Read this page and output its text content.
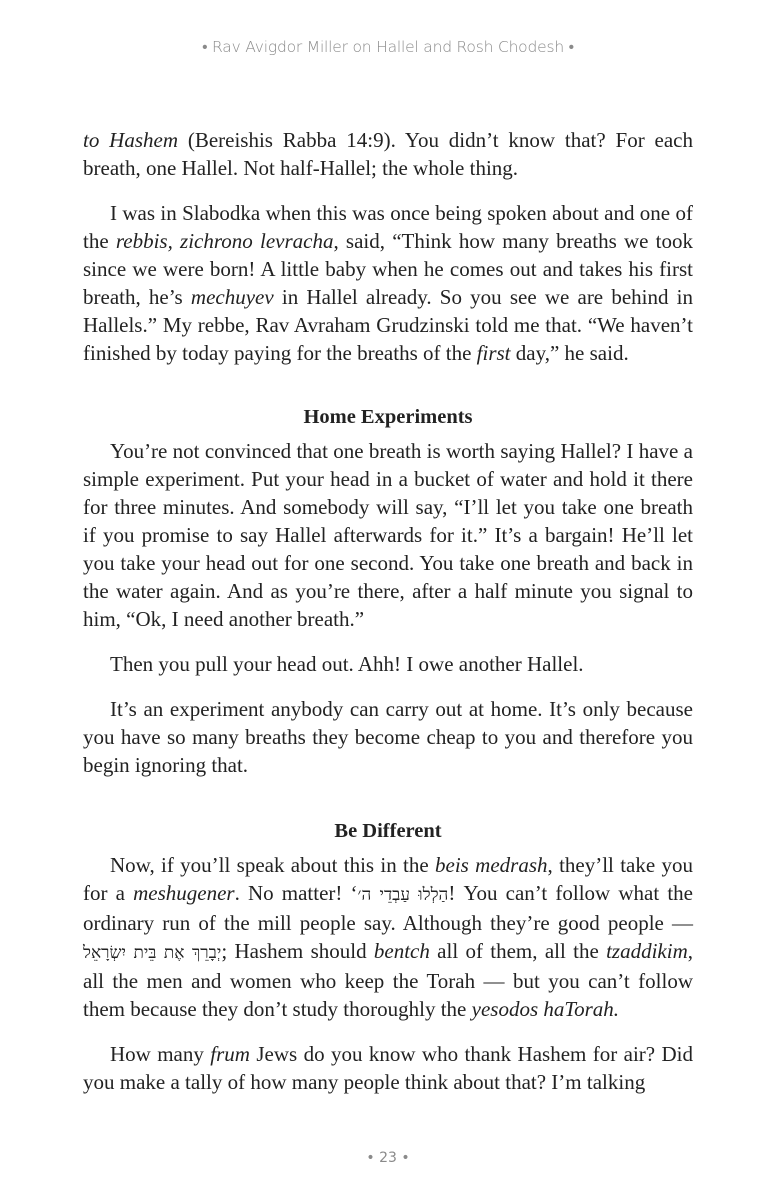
• Rav Avigdor Miller on Hallel and Rosh Chodesh •

to Hashem (Bereishis Rabba 14:9). You didn’t know that? For each breath, one Hallel. Not half-Hallel; the whole thing.

I was in Slabodka when this was once being spoken about and one of the rebbis, zichrono levracha, said, “Think how many breaths we took since we were born! A little baby when he comes out and takes his first breath, he’s mechuyev in Hallel already. So you see we are behind in Hallels.” My rebbe, Rav Avraham Grudzinski told me that. “We haven’t finished by today paying for the breaths of the first day,” he said.

Home Experiments

You’re not convinced that one breath is worth saying Hallel? I have a simple experiment. Put your head in a bucket of water and hold it there for three minutes. And somebody will say, “I’ll let you take one breath if you promise to say Hallel afterwards for it.” It’s a bargain! He’ll let you take your head out for one second. You take one breath and back in the water again. And as you’re there, after a half minute you signal to him, “Ok, I need another breath.”

Then you pull your head out. Ahh! I owe another Hallel.

It’s an experiment anybody can carry out at home. It’s only because you have so many breaths they become cheap to you and therefore you begin ignoring that.

Be Different

Now, if you’ll speak about this in the beis medrash, they’ll take you for a meshugener. No matter! ‘הַלְלוּ עַבְדֵי ה׳! You can’t follow what the ordinary run of the mill people say. Although they’re good people — יְבָרֵךְ אֶת בֵּית יִשְׂרָאֵל; Hashem should bentch all of them, all the tzaddikim, all the men and women who keep the Torah — but you can’t follow them because they don’t study thoroughly the yesodos haTorah.

How many frum Jews do you know who thank Hashem for air? Did you make a tally of how many people think about that? I’m talking

• 23 •
